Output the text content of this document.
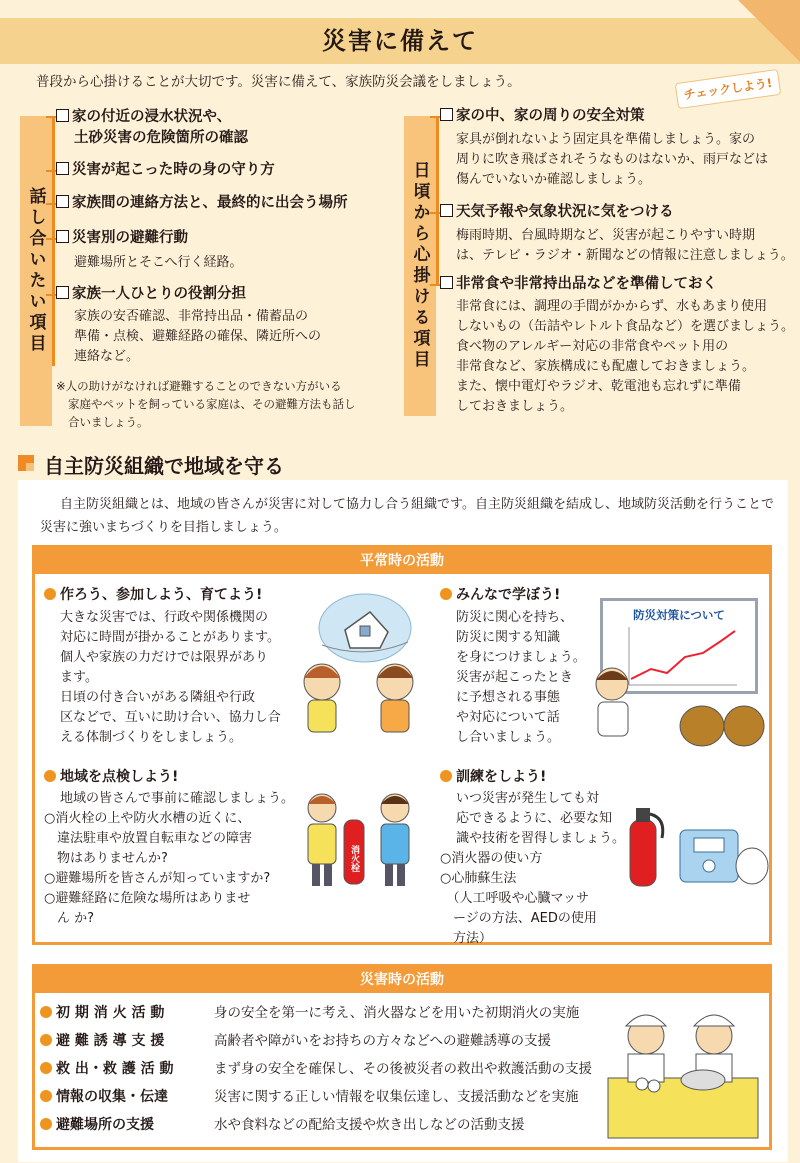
災害に備えて
普段から心掛けることが大切です。災害に備えて、家族防災会議をしましょう。	チェックしよう!
話し合いたい項目
家の付近の浸水状況や、
土砂災害の危険箇所の確認
災害が起こった時の身の守り方
家族間の連絡方法と、最終的に出会う場所
災害別の避難行動
避難場所とそこへ行く経路。
家族一人ひとりの役割分担
家族の安否確認、非常持出品・備蓄品の
準備・点検、避難経路の確保、隣近所への
連絡など。
※人の助けがなければ避難することのできない方がいる
家庭やペットを飼っている家庭は、その避難方法も話し
合いましょう。
日頃から心掛ける項目
家の中、家の周りの安全対策
家具が倒れないよう固定具を準備しましょう。家の
周りに吹き飛ばされそうなものはないか、雨戸などは
傷んでいないか確認しましょう。
天気予報や気象状況に気をつける
梅雨時期、台風時期など、災害が起こりやすい時期
は、テレビ・ラジオ・新聞などの情報に注意しましょう。
非常食や非常持出品などを準備しておく
非常食には、調理の手間がかからず、水もあまり使用
しないもの（缶詰やレトルト食品など）を選びましょう。
食べ物のアレルギー対応の非常食やペット用の
非常食など、家族構成にも配慮しておきましょう。
また、懐中電灯やラジオ、乾電池も忘れずに準備
しておきましょう。
自主防災組織で地域を守る
自主防災組織とは、地域の皆さんが災害に対して協力し合う組織です。自主防災組織を結成し、地域防災活動を行うことで災害に強いまちづくりを目指しましょう。
平常時の活動
作ろう、参加しよう、育てよう!
大きな災害では、行政や関係機関の
対応に時間が掛かることがあります。
個人や家族の力だけでは限界があり
ます。
日頃の付き合いがある隣組や行政
区などで、互いに助け合い、協力し合
える体制づくりをしましょう。
みんなで学ぼう!
防災に関心を持ち、
防災に関する知識
を身につけましょう。
災害が起こったとき
に予想される事態
や対応について話
し合いましょう。
防災対策について
地域を点検しよう!
地域の皆さんで事前に確認しましょう。
○消火栓の上や防火水槽の近くに、
　違法駐車や放置自転車などの障害
　物はありませんか?
○避難場所を皆さんが知っていますか?
○避難経路に危険な場所はありませ
　ん か?
消火栓
訓練をしよう!
いつ災害が発生しても対
応できるように、必要な知
識や技術を習得しましょう。
○消火器の使い方
○心肺蘇生法
　（人工呼吸や心臓マッサ
　ージの方法、AEDの使用
　方法）
災害時の活動
初 期 消 火 活 動	身の安全を第一に考え、消火器などを用いた初期消火の実施
避 難 誘 導 支 援	高齢者や障がいをお持ちの方々などへの避難誘導の支援
救 出・救 護 活 動	まず身の安全を確保し、その後被災者の救出や救護活動の支援
情報の収集・伝達	災害に関する正しい情報を収集伝達し、支援活動などを実施
避難場所の支援	水や食料などの配給支援や炊き出しなどの活動支援
